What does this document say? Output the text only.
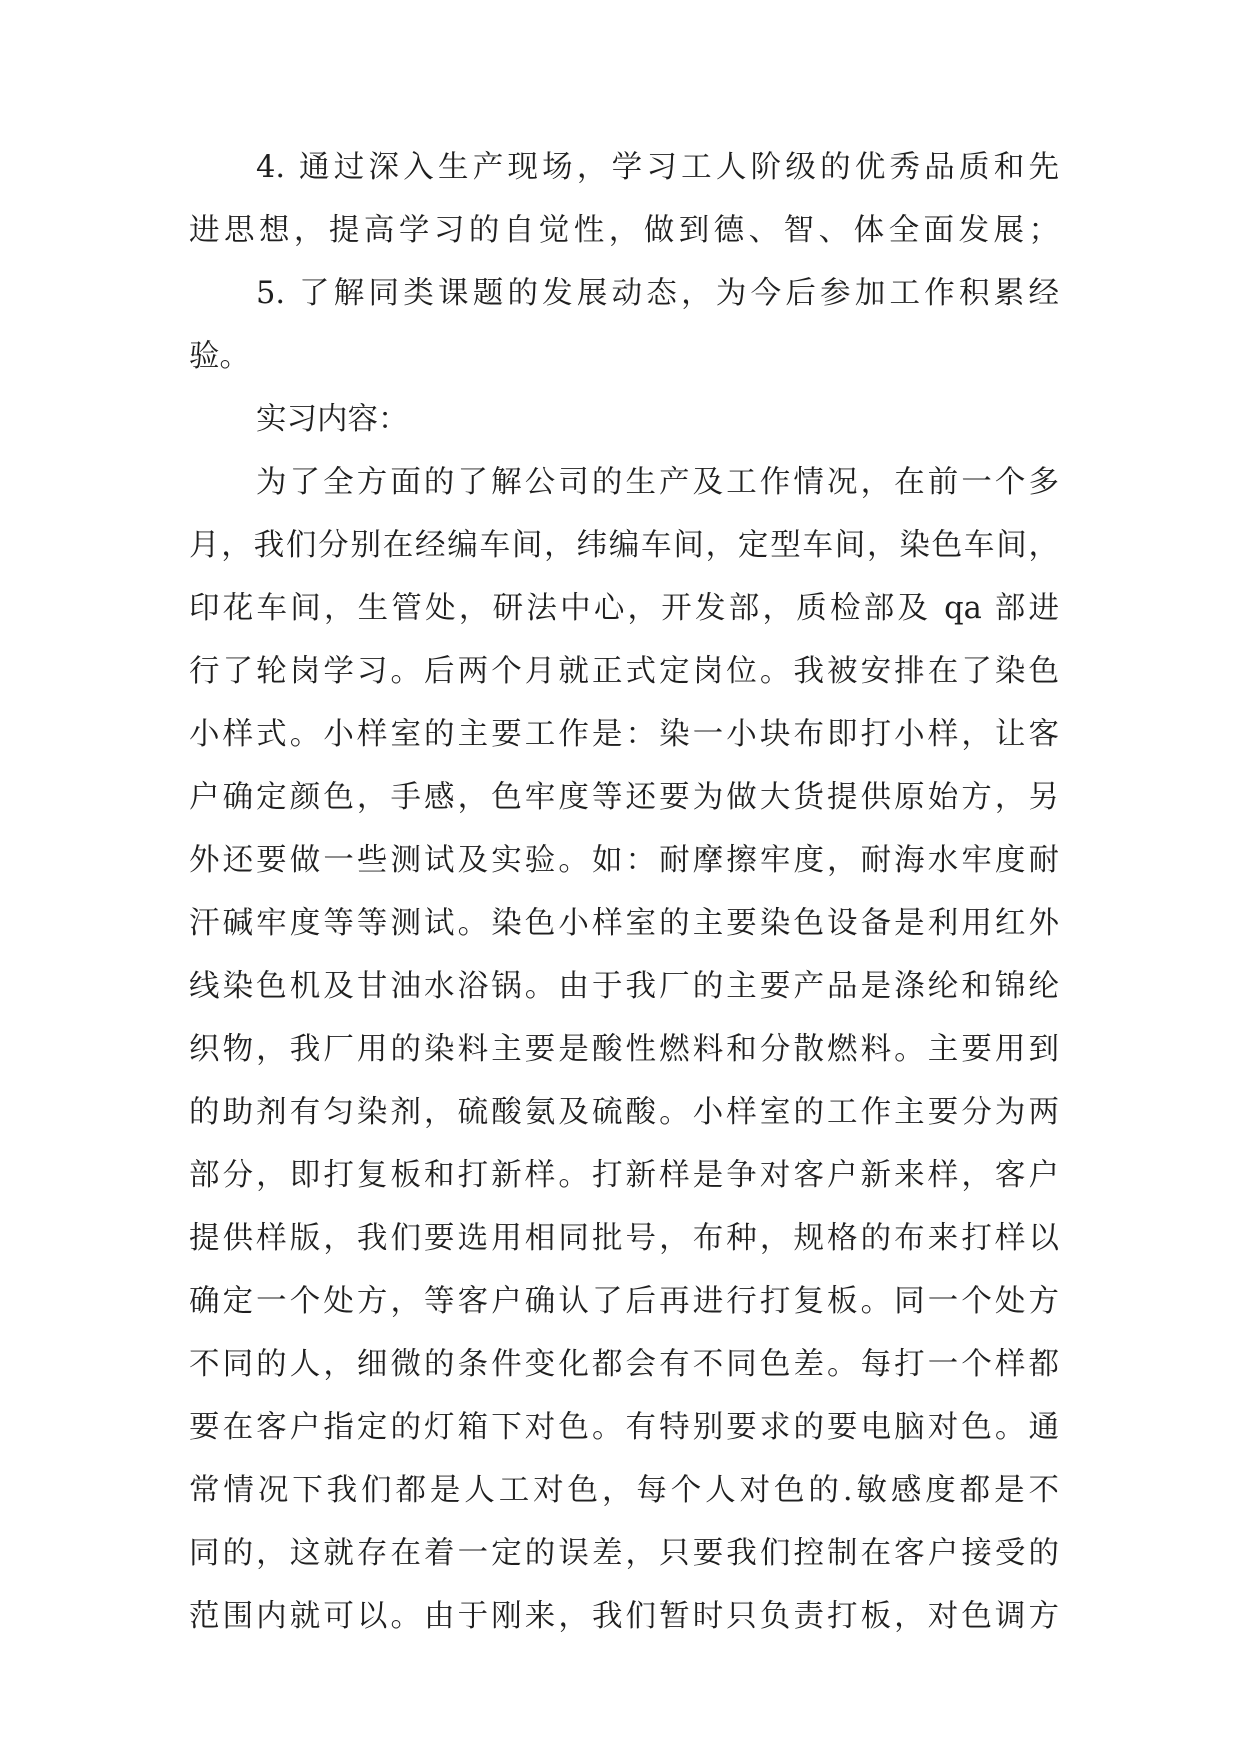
4. 通过深入生产现场，学习工人阶级的优秀品质和先
进思想，提高学习的自觉性，做到德、智、体全面发展；
5. 了解同类课题的发展动态，为今后参加工作积累经
验。
实习内容：
为了全方面的了解公司的生产及工作情况，在前一个多
月，我们分别在经编车间，纬编车间，定型车间，染色车间，
印花车间，生管处，研法中心，开发部，质检部及 qa 部进
行了轮岗学习。后两个月就正式定岗位。我被安排在了染色
小样式。小样室的主要工作是：染一小块布即打小样，让客
户确定颜色，手感，色牢度等还要为做大货提供原始方，另
外还要做一些测试及实验。如：耐摩擦牢度，耐海水牢度耐
汗碱牢度等等测试。染色小样室的主要染色设备是利用红外
线染色机及甘油水浴锅。由于我厂的主要产品是涤纶和锦纶
织物，我厂用的染料主要是酸性燃料和分散燃料。主要用到
的助剂有匀染剂，硫酸氨及硫酸。小样室的工作主要分为两
部分，即打复板和打新样。打新样是争对客户新来样，客户
提供样版，我们要选用相同批号，布种，规格的布来打样以
确定一个处方，等客户确认了后再进行打复板。同一个处方
不同的人，细微的条件变化都会有不同色差。每打一个样都
要在客户指定的灯箱下对色。有特别要求的要电脑对色。通
常情况下我们都是人工对色，每个人对色的.敏感度都是不
同的，这就存在着一定的误差，只要我们控制在客户接受的
范围内就可以。由于刚来，我们暂时只负责打板，对色调方
